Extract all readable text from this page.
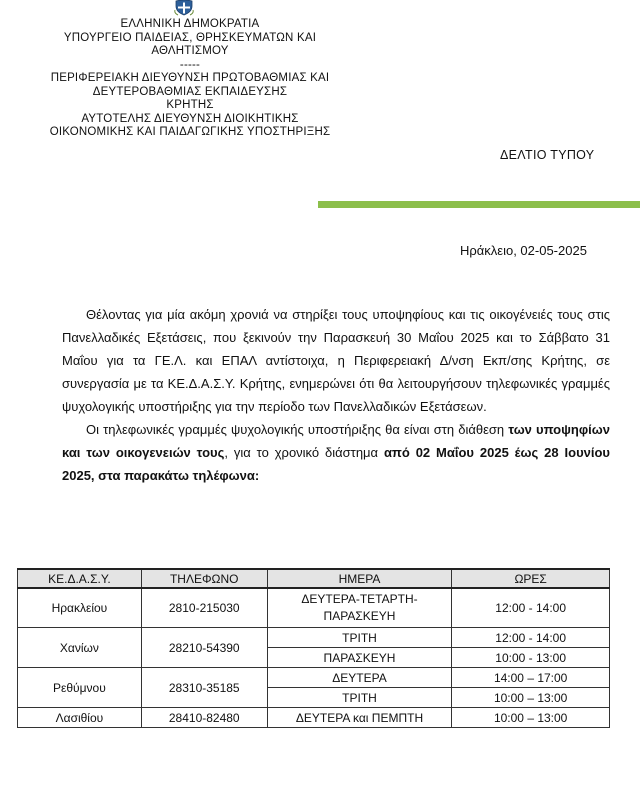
ΕΛΛΗΝΙΚΗ ΔΗΜΟΚΡΑΤΙΑ
ΥΠΟΥΡΓΕΙΟ ΠΑΙΔΕΙΑΣ, ΘΡΗΣΚΕΥΜΑΤΩΝ ΚΑΙ
ΑΘΛΗΤΙΣΜΟΥ
-----
ΠΕΡΙΦΕΡΕΙΑΚΗ ΔΙΕΥΘΥΝΣΗ ΠΡΩΤΟΒΑΘΜΙΑΣ ΚΑΙ
ΔΕΥΤΕΡΟΒΑΘΜΙΑΣ ΕΚΠΑΙΔΕΥΣΗΣ
ΚΡΗΤΗΣ
ΑΥΤΟΤΕΛΗΣ ΔΙΕΥΘΥΝΣΗ ΔΙΟΙΚΗΤΙΚΗΣ
ΟΙΚΟΝΟΜΙΚΗΣ ΚΑΙ ΠΑΙΔΑΓΩΓΙΚΗΣ ΥΠΟΣΤΗΡΙΞΗΣ
ΔΕΛΤΙΟ ΤΥΠΟΥ
Ηράκλειο, 02-05-2025

Θέλοντας για μία ακόμη χρονιά να στηρίξει τους υποψηφίους και τις οικογένειές τους στις Πανελλαδικές Εξετάσεις, που ξεκινούν την Παρασκευή 30 Μαΐου 2025 και το Σάββατο 31 Μαΐου για τα ΓΕ.Λ. και ΕΠΑΛ αντίστοιχα, η Περιφερειακή Δ/νση Εκπ/σης Κρήτης, σε συνεργασία με τα ΚΕ.Δ.Α.Σ.Υ. Κρήτης, ενημερώνει ότι θα λειτουργήσουν τηλεφωνικές γραμμές ψυχολογικής υποστήριξης για την περίοδο των Πανελλαδικών Εξετάσεων.

Οι τηλεφωνικές γραμμές ψυχολογικής υποστήριξης θα είναι στη διάθεση των υποψηφίων και των οικογενειών τους, για το χρονικό διάστημα από 02 Μαΐου 2025 έως 28 Ιουνίου 2025, στα παρακάτω τηλέφωνα:

ΚΕ.Δ.Α.Σ.Υ.	ΤΗΛΕΦΩΝΟ	ΗΜΕΡΑ	ΩΡΕΣ
Ηρακλείου	2810-215030	ΔΕΥΤΕΡΑ-ΤΕΤΑΡΤΗ-ΠΑΡΑΣΚΕΥΗ	12:00 - 14:00
Χανίων	28210-54390	ΤΡΙΤΗ	12:00 - 14:00
		ΠΑΡΑΣΚΕΥΗ	10:00 - 13:00
Ρεθύμνου	28310-35185	ΔΕΥΤΕΡΑ	14:00 – 17:00
		ΤΡΙΤΗ	10:00 – 13:00
Λασιθίου	28410-82480	ΔΕΥΤΕΡΑ και ΠΕΜΠΤΗ	10:00 – 13:00
